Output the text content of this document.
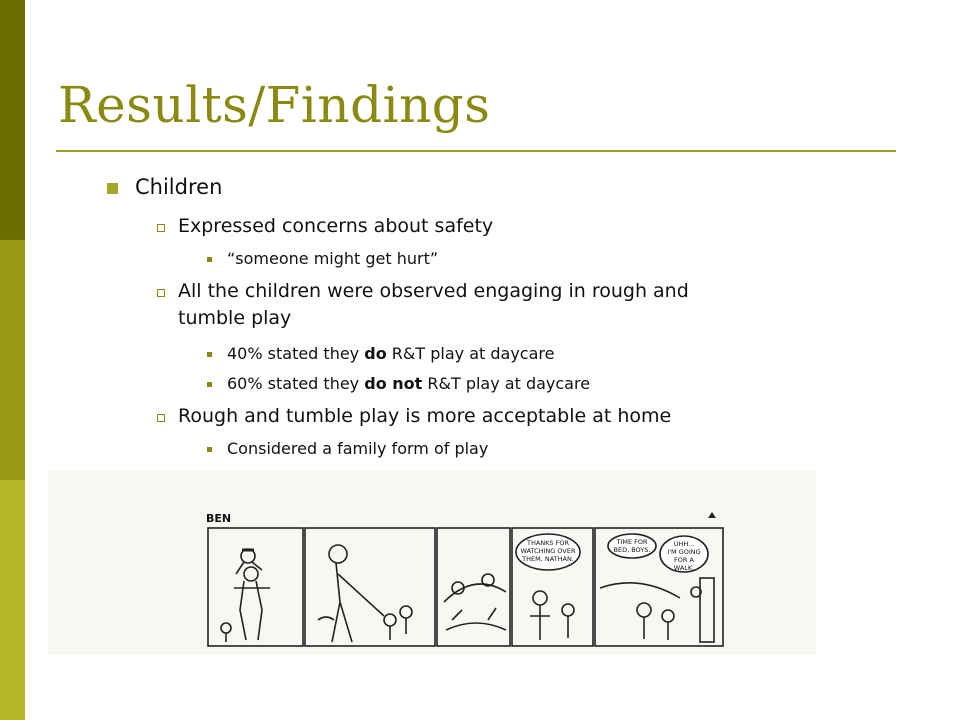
Results/Findings
Children
Expressed concerns about safety
“someone might get hurt”
All the children were observed engaging in rough and
tumble play
40% stated they do R&T play at daycare
60% stated they do not R&T play at daycare
Rough and tumble play is more acceptable at home
Considered a family form of play
BEN
THANKS FOR
WATCHING OVER
THEM, NATHAN.
TIME FOR
BED, BOYS.
UHH...
I'M GOING
FOR A
WALK.
